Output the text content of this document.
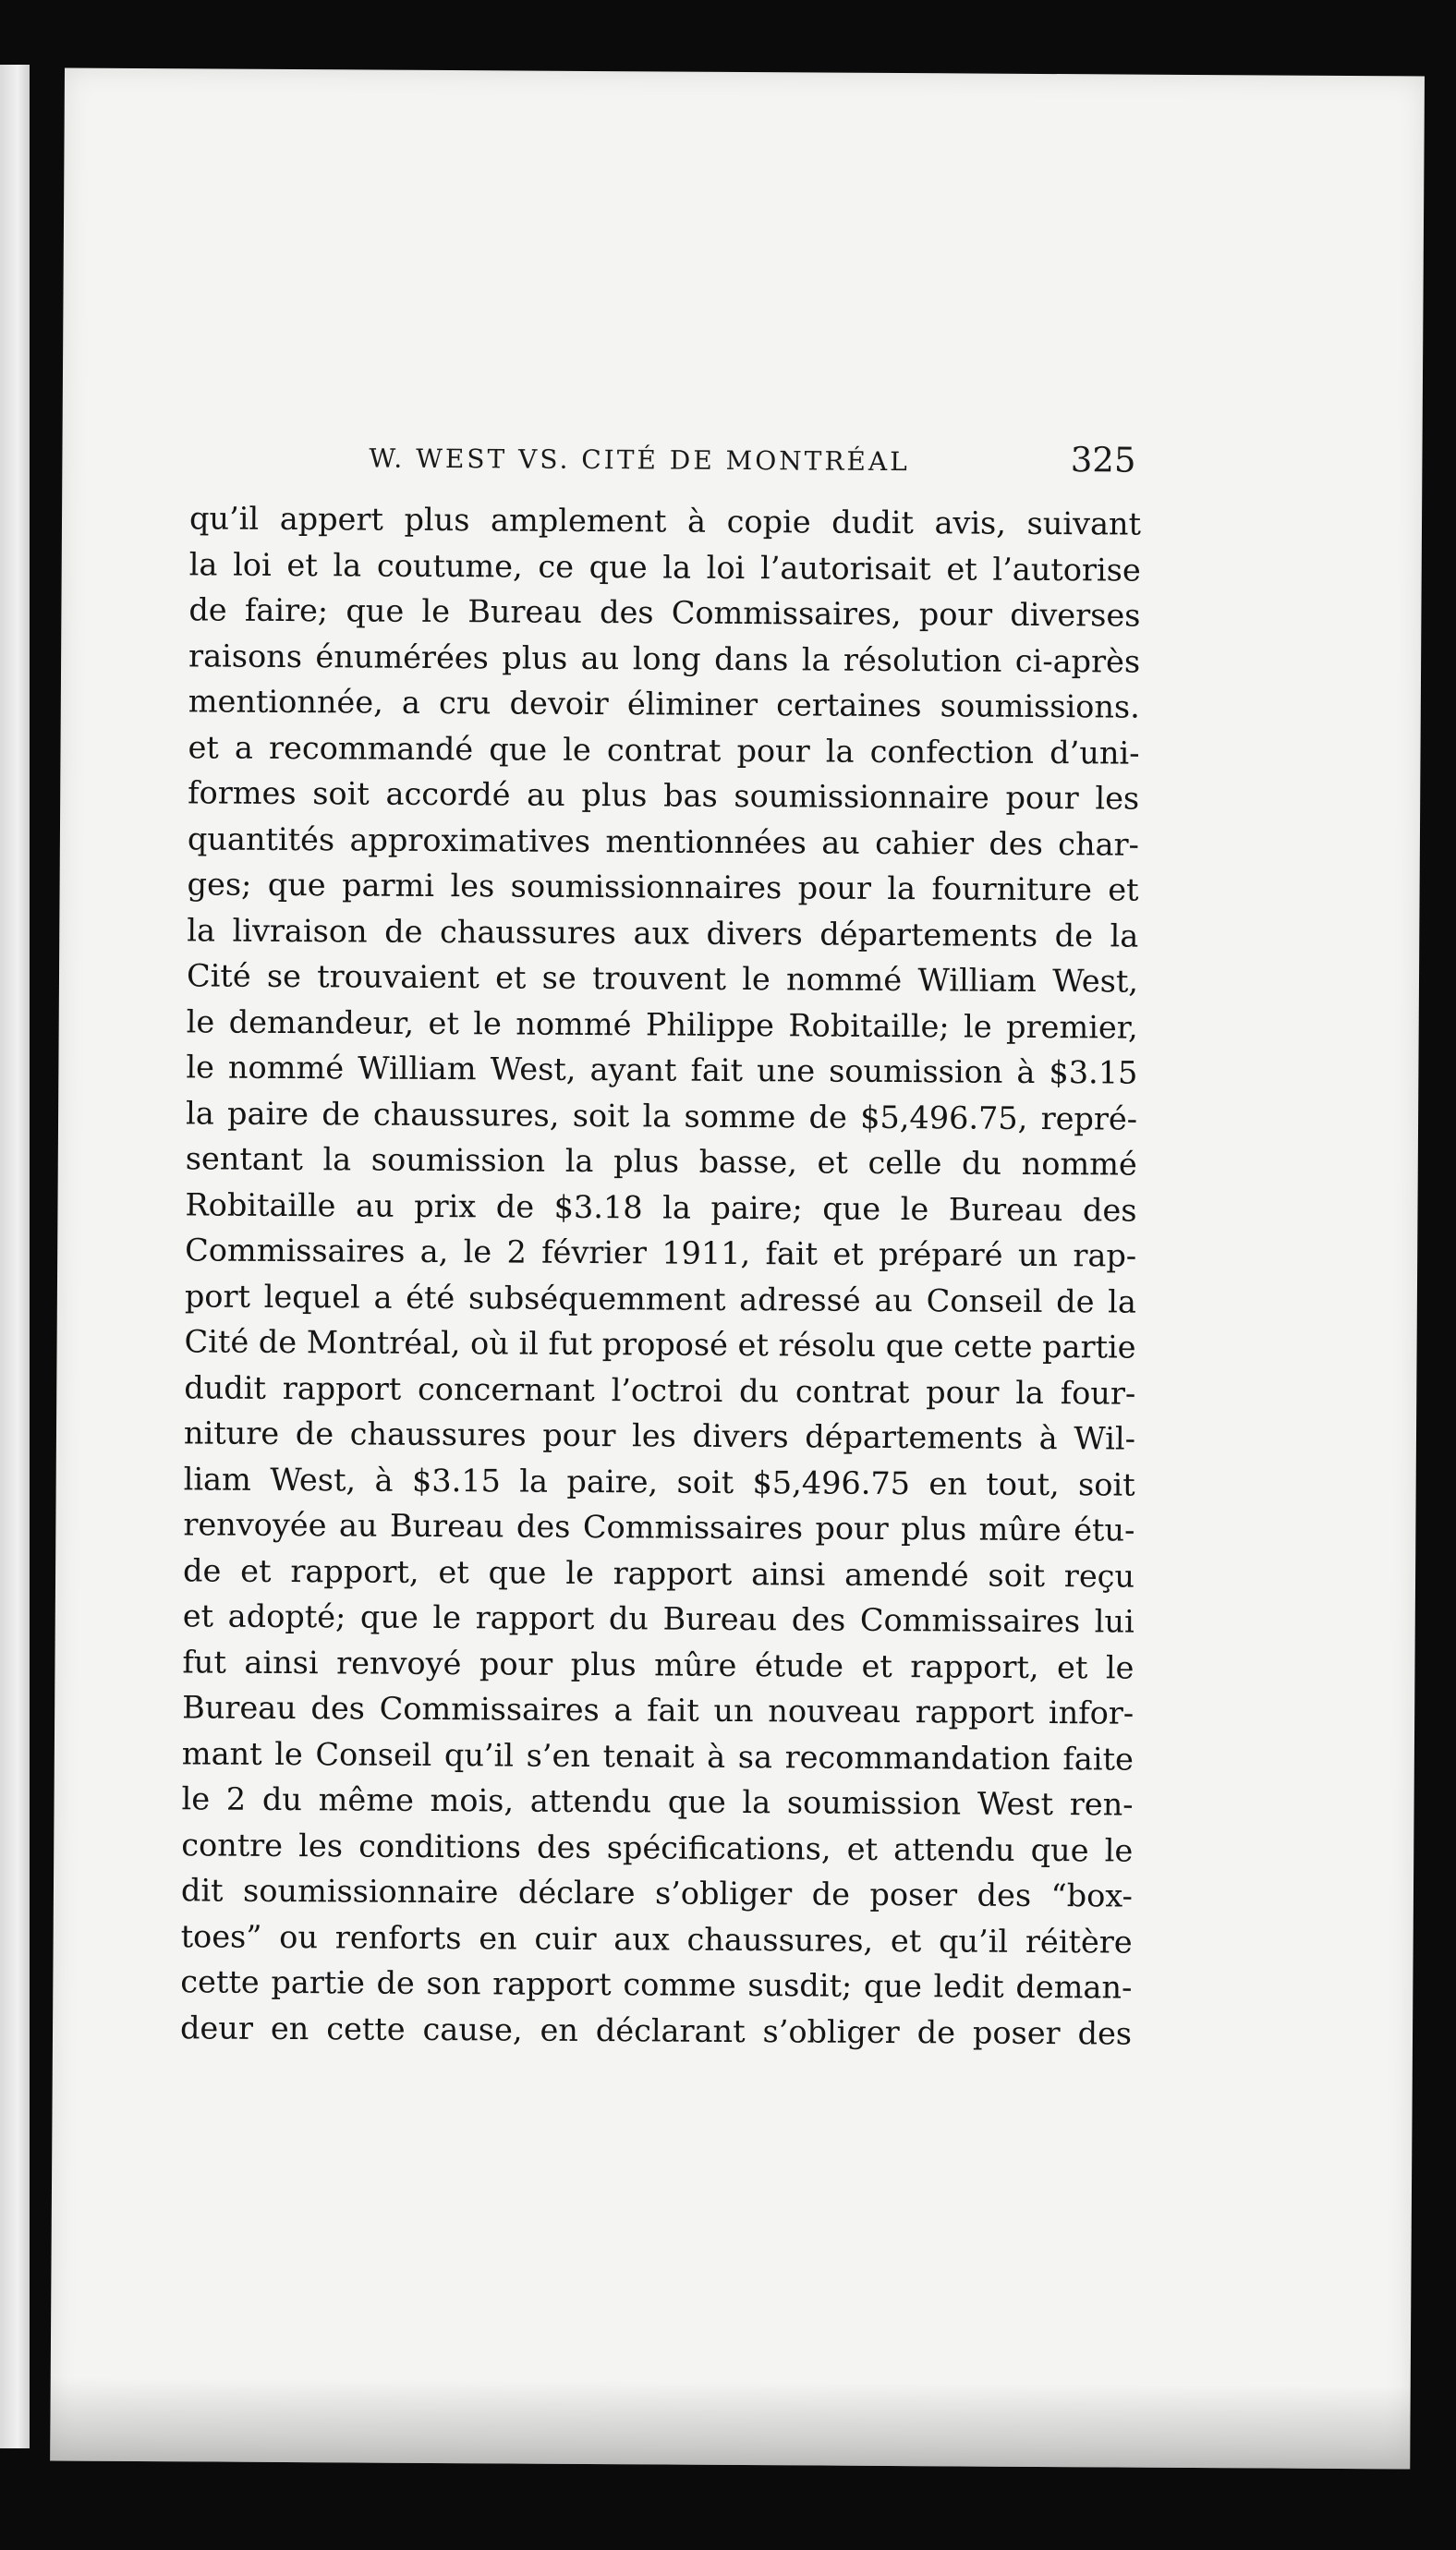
W. WEST VS. CITÉ DE MONTRÉAL	325
qu’il appert plus amplement à copie dudit avis, suivant
la loi et la coutume, ce que la loi l’autorisait et l’autorise
de faire; que le Bureau des Commissaires, pour diverses
raisons énumérées plus au long dans la résolution ci-après
mentionnée, a cru devoir éliminer certaines soumissions.
et a recommandé que le contrat pour la confection d’uni-
formes soit accordé au plus bas soumissionnaire pour les
quantités approximatives mentionnées au cahier des char-
ges; que parmi les soumissionnaires pour la fourniture et
la livraison de chaussures aux divers départements de la
Cité se trouvaient et se trouvent le nommé William West,
le demandeur, et le nommé Philippe Robitaille; le premier,
le nommé William West, ayant fait une soumission à $3.15
la paire de chaussures, soit la somme de $5,496.75, repré-
sentant la soumission la plus basse, et celle du nommé
Robitaille au prix de $3.18 la paire; que le Bureau des
Commissaires a, le 2 février 1911, fait et préparé un rap-
port lequel a été subséquemment adressé au Conseil de la
Cité de Montréal, où il fut proposé et résolu que cette partie
dudit rapport concernant l’octroi du contrat pour la four-
niture de chaussures pour les divers départements à Wil-
liam West, à $3.15 la paire, soit $5,496.75 en tout, soit
renvoyée au Bureau des Commissaires pour plus mûre étu-
de et rapport, et que le rapport ainsi amendé soit reçu
et adopté; que le rapport du Bureau des Commissaires lui
fut ainsi renvoyé pour plus mûre étude et rapport, et le
Bureau des Commissaires a fait un nouveau rapport infor-
mant le Conseil qu’il s’en tenait à sa recommandation faite
le 2 du même mois, attendu que la soumission West ren-
contre les conditions des spécifications, et attendu que le
dit soumissionnaire déclare s’obliger de poser des “box-
toes” ou renforts en cuir aux chaussures, et qu’il réitère
cette partie de son rapport comme susdit; que ledit deman-
deur en cette cause, en déclarant s’obliger de poser des
